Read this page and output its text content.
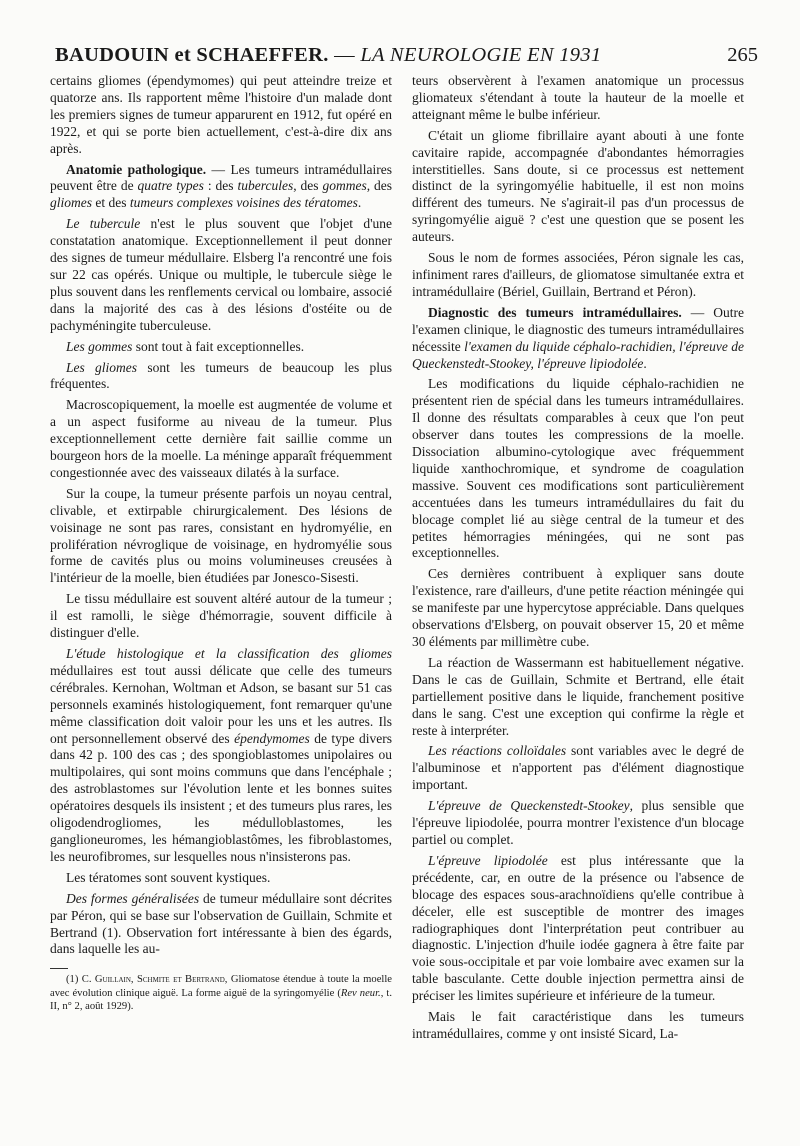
BAUDOUIN et SCHAEFFER. — LA NEUROLOGIE EN 1931	265

certains gliomes (épendymomes) qui peut atteindre treize et quatorze ans. Ils rapportent même l'histoire d'un malade dont les premiers signes de tumeur apparurent en 1912, fut opéré en 1922, et qui se porte bien actuellement, c'est-à-dire dix ans après.

Anatomie pathologique. — Les tumeurs intramédullaires peuvent être de quatre types : des tubercules, des gommes, des gliomes et des tumeurs complexes voisines des tératomes.

Le tubercule n'est le plus souvent que l'objet d'une constatation anatomique. Exceptionnellement il peut donner des signes de tumeur médullaire. Elsberg l'a rencontré une fois sur 22 cas opérés. Unique ou multiple, le tubercule siège le plus souvent dans les renflements cervical ou lombaire, associé dans la majorité des cas à des lésions d'ostéite ou de pachyméningite tuberculeuse.

Les gommes sont tout à fait exceptionnelles.

Les gliomes sont les tumeurs de beaucoup les plus fréquentes.

Macroscopiquement, la moelle est augmentée de volume et a un aspect fusiforme au niveau de la tumeur. Plus exceptionnellement cette dernière fait saillie comme un bourgeon hors de la moelle. La méninge apparaît fréquemment congestionnée avec des vaisseaux dilatés à la surface.

Sur la coupe, la tumeur présente parfois un noyau central, clivable, et extirpable chirurgicalement. Des lésions de voisinage ne sont pas rares, consistant en hydromyélie, en prolifération névroglique de voisinage, en hydromyélie sous forme de cavités plus ou moins volumineuses creusées à l'intérieur de la moelle, bien étudiées par Jonesco-Sisesti.

Le tissu médullaire est souvent altéré autour de la tumeur ; il est ramolli, le siège d'hémorragie, souvent difficile à distinguer d'elle.

L'étude histologique et la classification des gliomes médullaires est tout aussi délicate que celle des tumeurs cérébrales. Kernohan, Woltman et Adson, se basant sur 51 cas personnels examinés histologiquement, font remarquer qu'une même classification doit valoir pour les uns et les autres. Ils ont personnellement observé des épendymomes de type divers dans 42 p. 100 des cas ; des spongioblastomes unipolaires ou multipolaires, qui sont moins communs que dans l'encéphale ; des astroblastomes sur l'évolution lente et les bonnes suites opératoires desquels ils insistent ; et des tumeurs plus rares, les oligodendrogliomes, les médulloblastomes, les ganglioneuromes, les hémangioblastômes, les fibroblastomes, les neurofibromes, sur lesquelles nous n'insisterons pas.

Les tératomes sont souvent kystiques.

Des formes généralisées de tumeur médullaire sont décrites par Péron, qui se base sur l'observation de Guillain, Schmite et Bertrand (1). Observation fort intéressante à bien des égards, dans laquelle les au-

(1) C. Guillain, Schmite et Bertrand, Gliomatose étendue à toute la moelle avec évolution clinique aiguë. La forme aiguë de la syringomyélie (Rev neur., t. II, n° 2, août 1929).

teurs observèrent à l'examen anatomique un processus gliomateux s'étendant à toute la hauteur de la moelle et atteignant même le bulbe inférieur.

C'était un gliome fibrillaire ayant abouti à une fonte cavitaire rapide, accompagnée d'abondantes hémorragies interstitielles. Sans doute, si ce processus est nettement distinct de la syringomyélie habituelle, il est non moins différent des tumeurs. Ne s'agirait-il pas d'un processus de syringomyélie aiguë ? c'est une question que se posent les auteurs.

Sous le nom de formes associées, Péron signale les cas, infiniment rares d'ailleurs, de gliomatose simultanée extra et intramédullaire (Bériel, Guillain, Bertrand et Péron).

Diagnostic des tumeurs intramédullaires. — Outre l'examen clinique, le diagnostic des tumeurs intramédullaires nécessite l'examen du liquide céphalo-rachidien, l'épreuve de Queckenstedt-Stookey, l'épreuve lipiodolée.

Les modifications du liquide céphalo-rachidien ne présentent rien de spécial dans les tumeurs intramédullaires. Il donne des résultats comparables à ceux que l'on peut observer dans toutes les compressions de la moelle. Dissociation albumino-cytologique avec fréquemment liquide xanthochromique, et syndrome de coagulation massive. Souvent ces modifications sont particulièrement accentuées dans les tumeurs intramédullaires du fait du blocage complet lié au siège central de la tumeur et des petites hémorragies méningées, qui ne sont pas exceptionnelles.

Ces dernières contribuent à expliquer sans doute l'existence, rare d'ailleurs, d'une petite réaction méningée qui se manifeste par une hypercytose appréciable. Dans quelques observations d'Elsberg, on pouvait observer 15, 20 et même 30 éléments par millimètre cube.

La réaction de Wassermann est habituellement négative. Dans le cas de Guillain, Schmite et Bertrand, elle était partiellement positive dans le liquide, franchement positive dans le sang. C'est une exception qui confirme la règle et reste à interpréter.

Les réactions colloïdales sont variables avec le degré de l'albuminose et n'apportent pas d'élément diagnostique important.

L'épreuve de Queckenstedt-Stookey, plus sensible que l'épreuve lipiodolée, pourra montrer l'existence d'un blocage partiel ou complet.

L'épreuve lipiodolée est plus intéressante que la précédente, car, en outre de la présence ou l'absence de blocage des espaces sous-arachnoïdiens qu'elle contribue à déceler, elle est susceptible de montrer des images radiographiques dont l'interprétation peut contribuer au diagnostic. L'injection d'huile iodée gagnera à être faite par voie sous-occipitale et par voie lombaire avec examen sur la table basculante. Cette double injection permettra ainsi de préciser les limites supérieure et inférieure de la tumeur.

Mais le fait caractéristique dans les tumeurs intramédullaires, comme y ont insisté Sicard, La-
